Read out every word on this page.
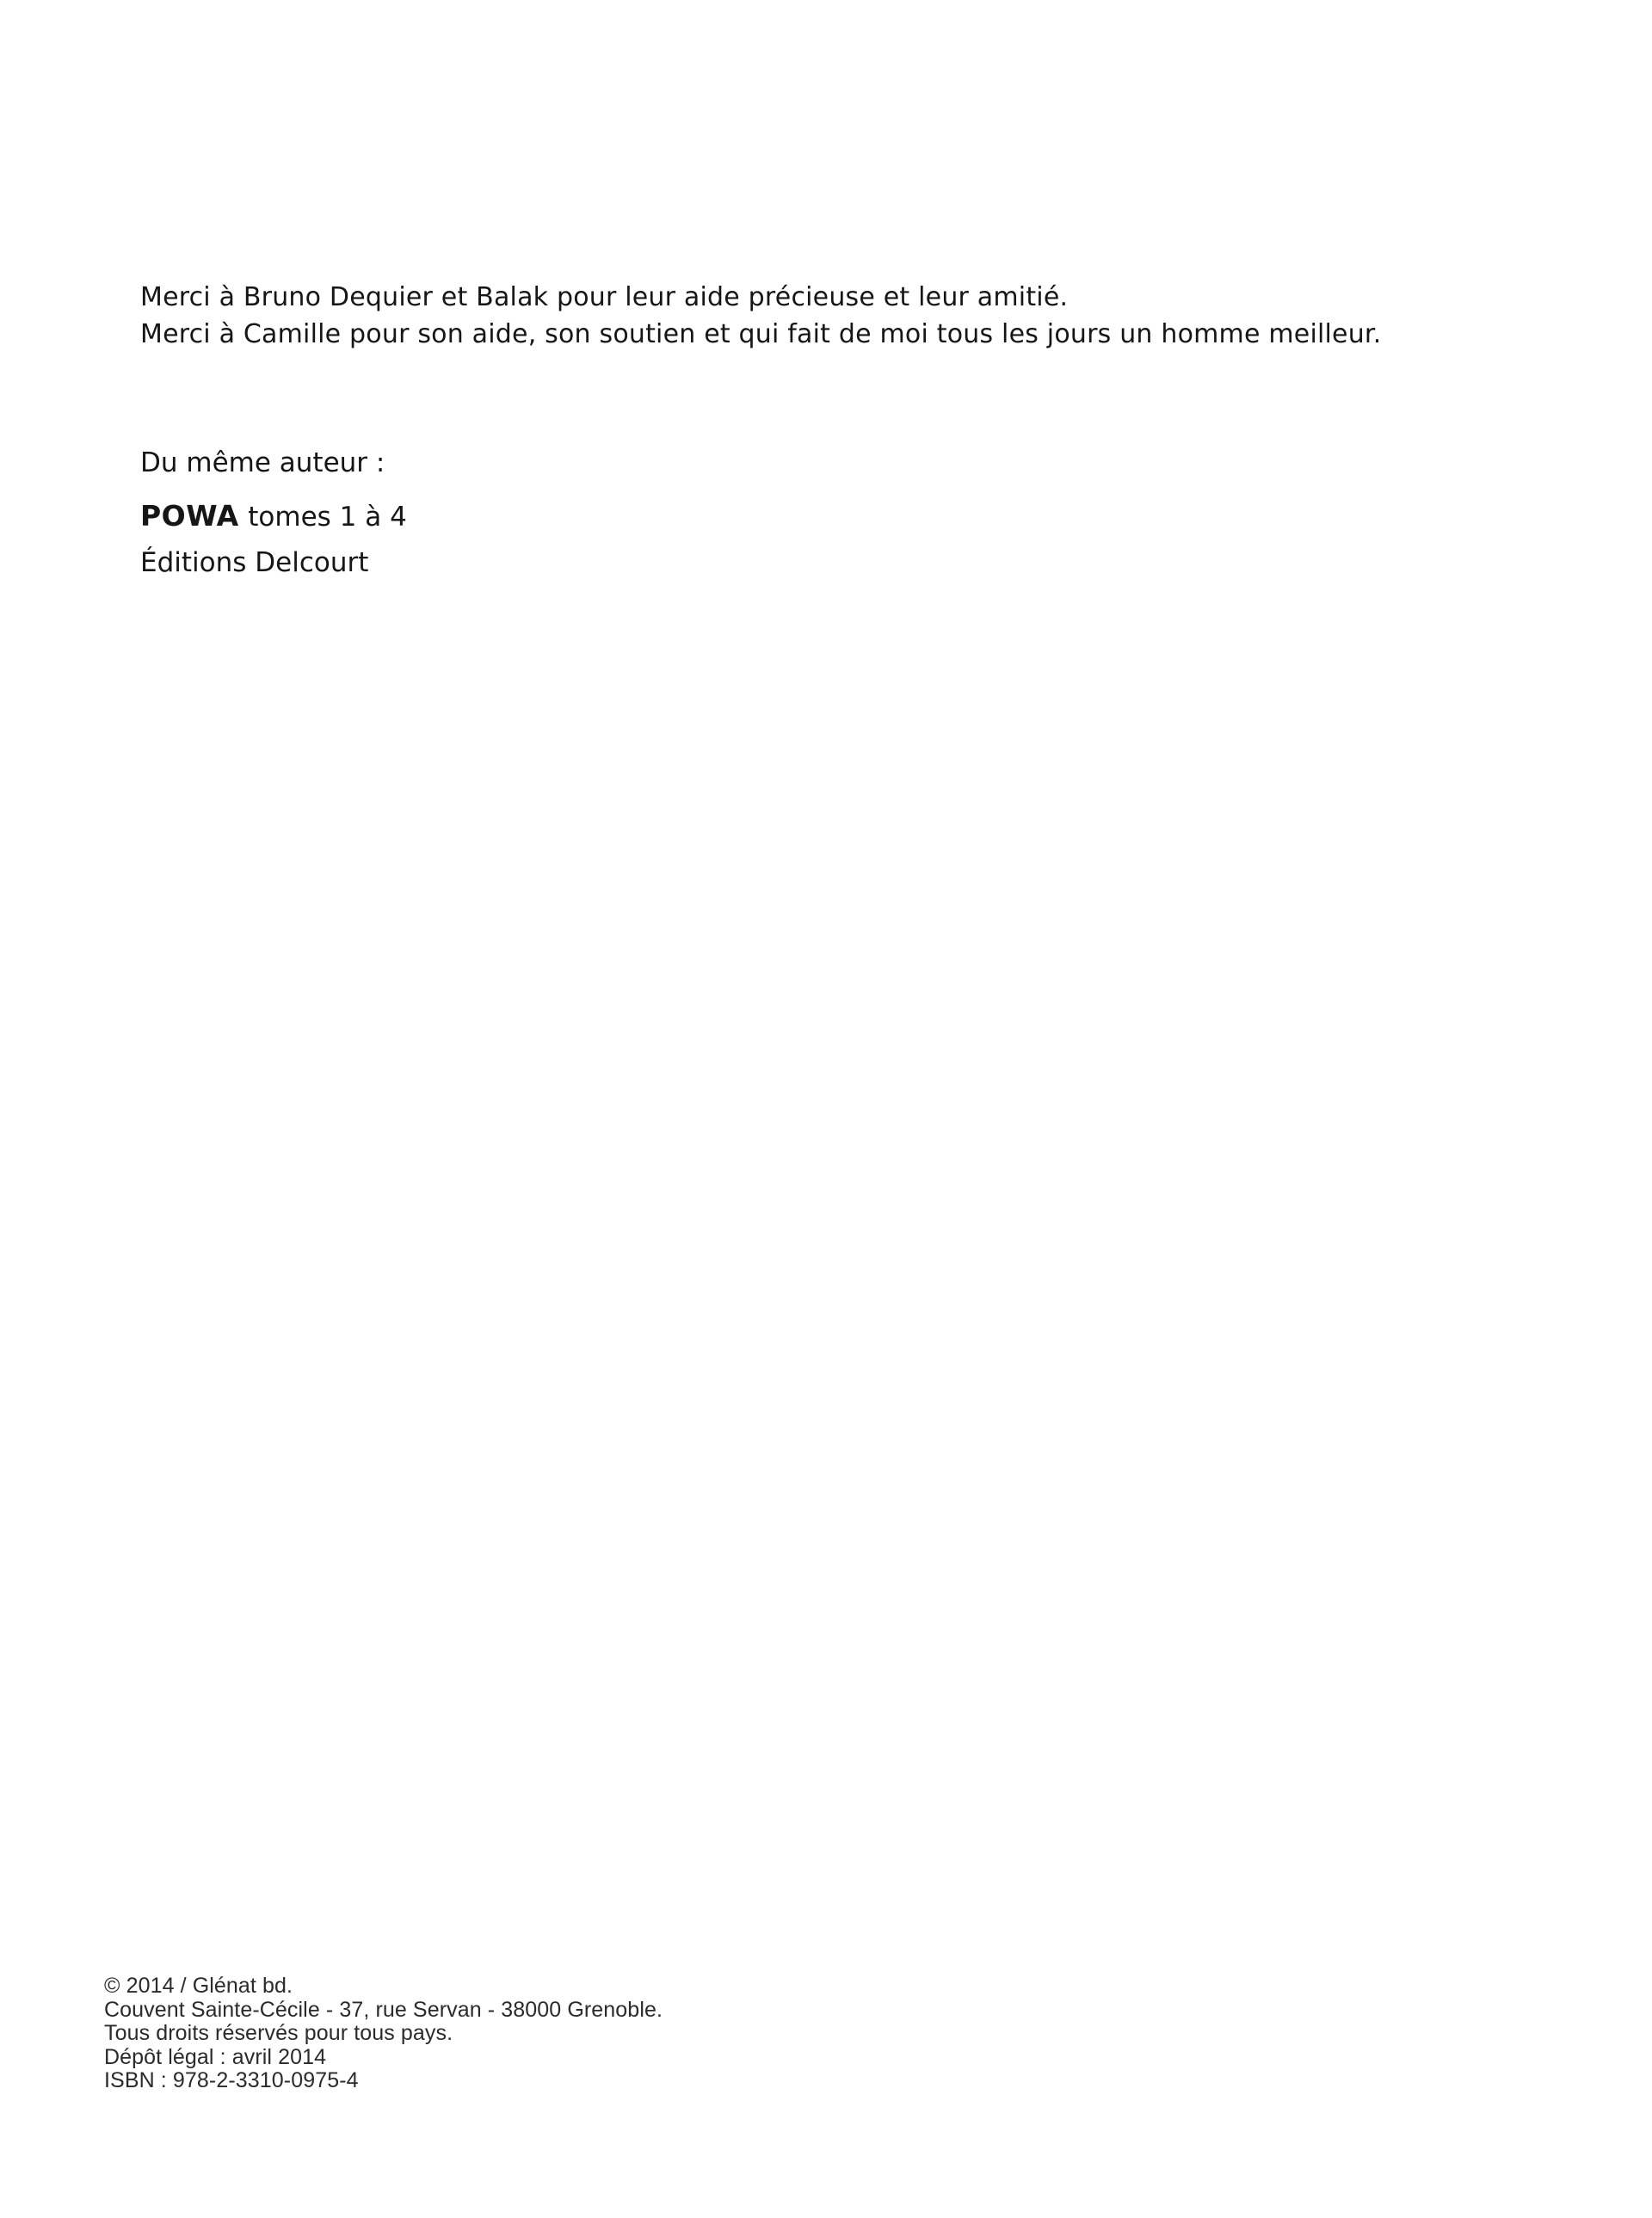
Merci à Bruno Dequier et Balak pour leur aide précieuse et leur amitié.
Merci à Camille pour son aide, son soutien et qui fait de moi tous les jours un homme meilleur.
Du même auteur :
POWA tomes 1 à 4
Éditions Delcourt
© 2014 / Glénat bd.
Couvent Sainte-Cécile - 37, rue Servan - 38000 Grenoble.
Tous droits réservés pour tous pays.
Dépôt légal : avril 2014
ISBN : 978-2-3310-0975-4
